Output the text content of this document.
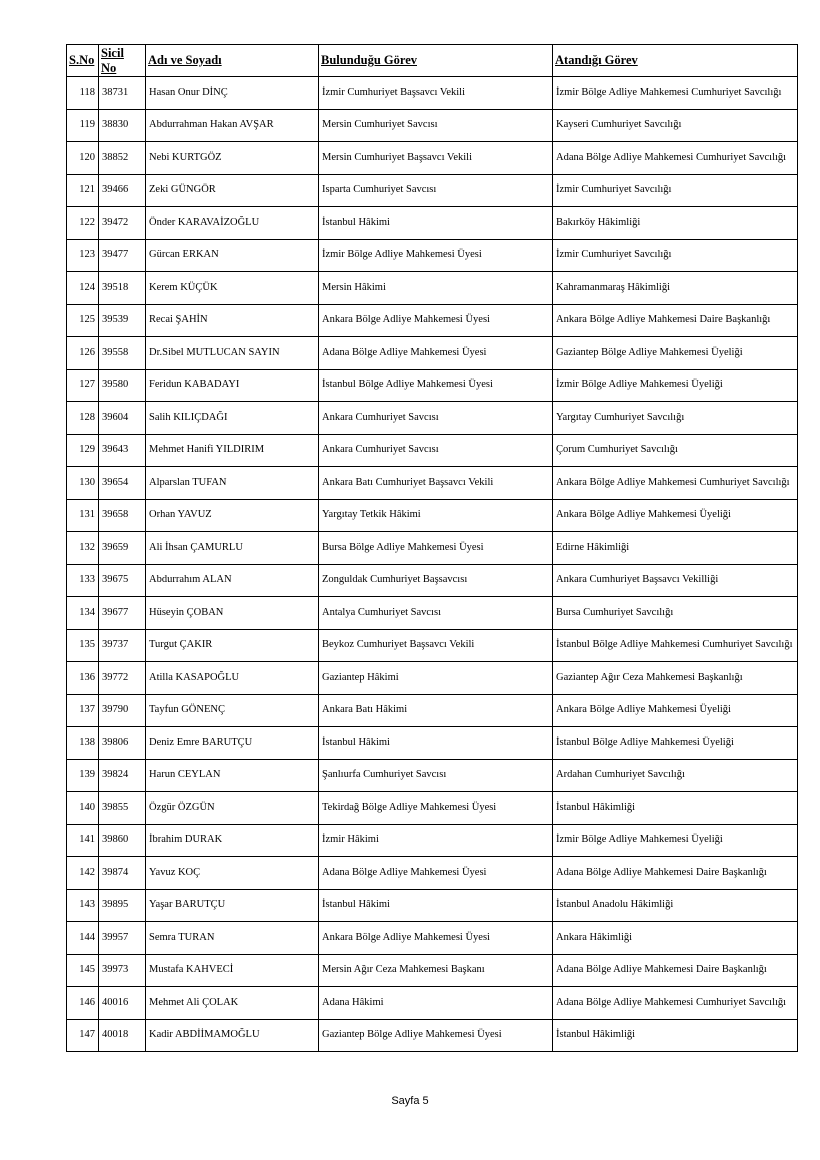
S.No	Sicil No	Adı ve Soyadı	Bulunduğu Görev	Atandığı Görev
118	38731	Hasan Onur DİNÇ	İzmir Cumhuriyet Başsavcı Vekili	İzmir Bölge Adliye Mahkemesi Cumhuriyet Savcılığı
119	38830	Abdurrahman Hakan AVŞAR	Mersin Cumhuriyet Savcısı	Kayseri Cumhuriyet Savcılığı
120	38852	Nebi KURTGÖZ	Mersin Cumhuriyet Başsavcı Vekili	Adana Bölge Adliye Mahkemesi Cumhuriyet Savcılığı
121	39466	Zeki GÜNGÖR	Isparta Cumhuriyet Savcısı	İzmir Cumhuriyet Savcılığı
122	39472	Önder KARAVAİZOĞLU	İstanbul Hâkimi	Bakırköy Hâkimliği
123	39477	Gürcan ERKAN	İzmir Bölge Adliye Mahkemesi Üyesi	İzmir Cumhuriyet Savcılığı
124	39518	Kerem KÜÇÜK	Mersin Hâkimi	Kahramanmaraş Hâkimliği
125	39539	Recai ŞAHİN	Ankara Bölge Adliye Mahkemesi Üyesi	Ankara Bölge Adliye Mahkemesi Daire Başkanlığı
126	39558	Dr.Sibel MUTLUCAN SAYIN	Adana Bölge Adliye Mahkemesi Üyesi	Gaziantep Bölge Adliye Mahkemesi Üyeliği
127	39580	Feridun KABADAYI	İstanbul Bölge Adliye Mahkemesi Üyesi	İzmir Bölge Adliye Mahkemesi Üyeliği
128	39604	Salih KILIÇDAĞI	Ankara Cumhuriyet Savcısı	Yargıtay Cumhuriyet Savcılığı
129	39643	Mehmet Hanifi YILDIRIM	Ankara Cumhuriyet Savcısı	Çorum Cumhuriyet Savcılığı
130	39654	Alparslan TUFAN	Ankara Batı Cumhuriyet Başsavcı Vekili	Ankara Bölge Adliye Mahkemesi Cumhuriyet Savcılığı
131	39658	Orhan YAVUZ	Yargıtay Tetkik Hâkimi	Ankara Bölge Adliye Mahkemesi Üyeliği
132	39659	Ali İhsan ÇAMURLU	Bursa Bölge Adliye Mahkemesi Üyesi	Edirne Hâkimliği
133	39675	Abdurrahım ALAN	Zonguldak Cumhuriyet Başsavcısı	Ankara Cumhuriyet Başsavcı Vekilliği
134	39677	Hüseyin ÇOBAN	Antalya Cumhuriyet Savcısı	Bursa Cumhuriyet Savcılığı
135	39737	Turgut ÇAKIR	Beykoz Cumhuriyet Başsavcı Vekili	İstanbul Bölge Adliye Mahkemesi Cumhuriyet Savcılığı
136	39772	Atilla KASAPOĞLU	Gaziantep Hâkimi	Gaziantep Ağır Ceza Mahkemesi Başkanlığı
137	39790	Tayfun GÖNENÇ	Ankara Batı Hâkimi	Ankara Bölge Adliye Mahkemesi Üyeliği
138	39806	Deniz Emre BARUTÇU	İstanbul Hâkimi	İstanbul Bölge Adliye Mahkemesi Üyeliği
139	39824	Harun CEYLAN	Şanlıurfa Cumhuriyet Savcısı	Ardahan Cumhuriyet Savcılığı
140	39855	Özgür ÖZGÜN	Tekirdağ Bölge Adliye Mahkemesi Üyesi	İstanbul Hâkimliği
141	39860	İbrahim DURAK	İzmir Hâkimi	İzmir Bölge Adliye Mahkemesi Üyeliği
142	39874	Yavuz KOÇ	Adana Bölge Adliye Mahkemesi Üyesi	Adana Bölge Adliye Mahkemesi Daire Başkanlığı
143	39895	Yaşar BARUTÇU	İstanbul Hâkimi	İstanbul Anadolu Hâkimliği
144	39957	Semra TURAN	Ankara Bölge Adliye Mahkemesi Üyesi	Ankara Hâkimliği
145	39973	Mustafa KAHVECİ	Mersin Ağır Ceza Mahkemesi Başkanı	Adana Bölge Adliye Mahkemesi Daire Başkanlığı
146	40016	Mehmet Ali ÇOLAK	Adana Hâkimi	Adana Bölge Adliye Mahkemesi Cumhuriyet Savcılığı
147	40018	Kadir ABDİİMAMOĞLU	Gaziantep Bölge Adliye Mahkemesi Üyesi	İstanbul Hâkimliği
Sayfa 5
